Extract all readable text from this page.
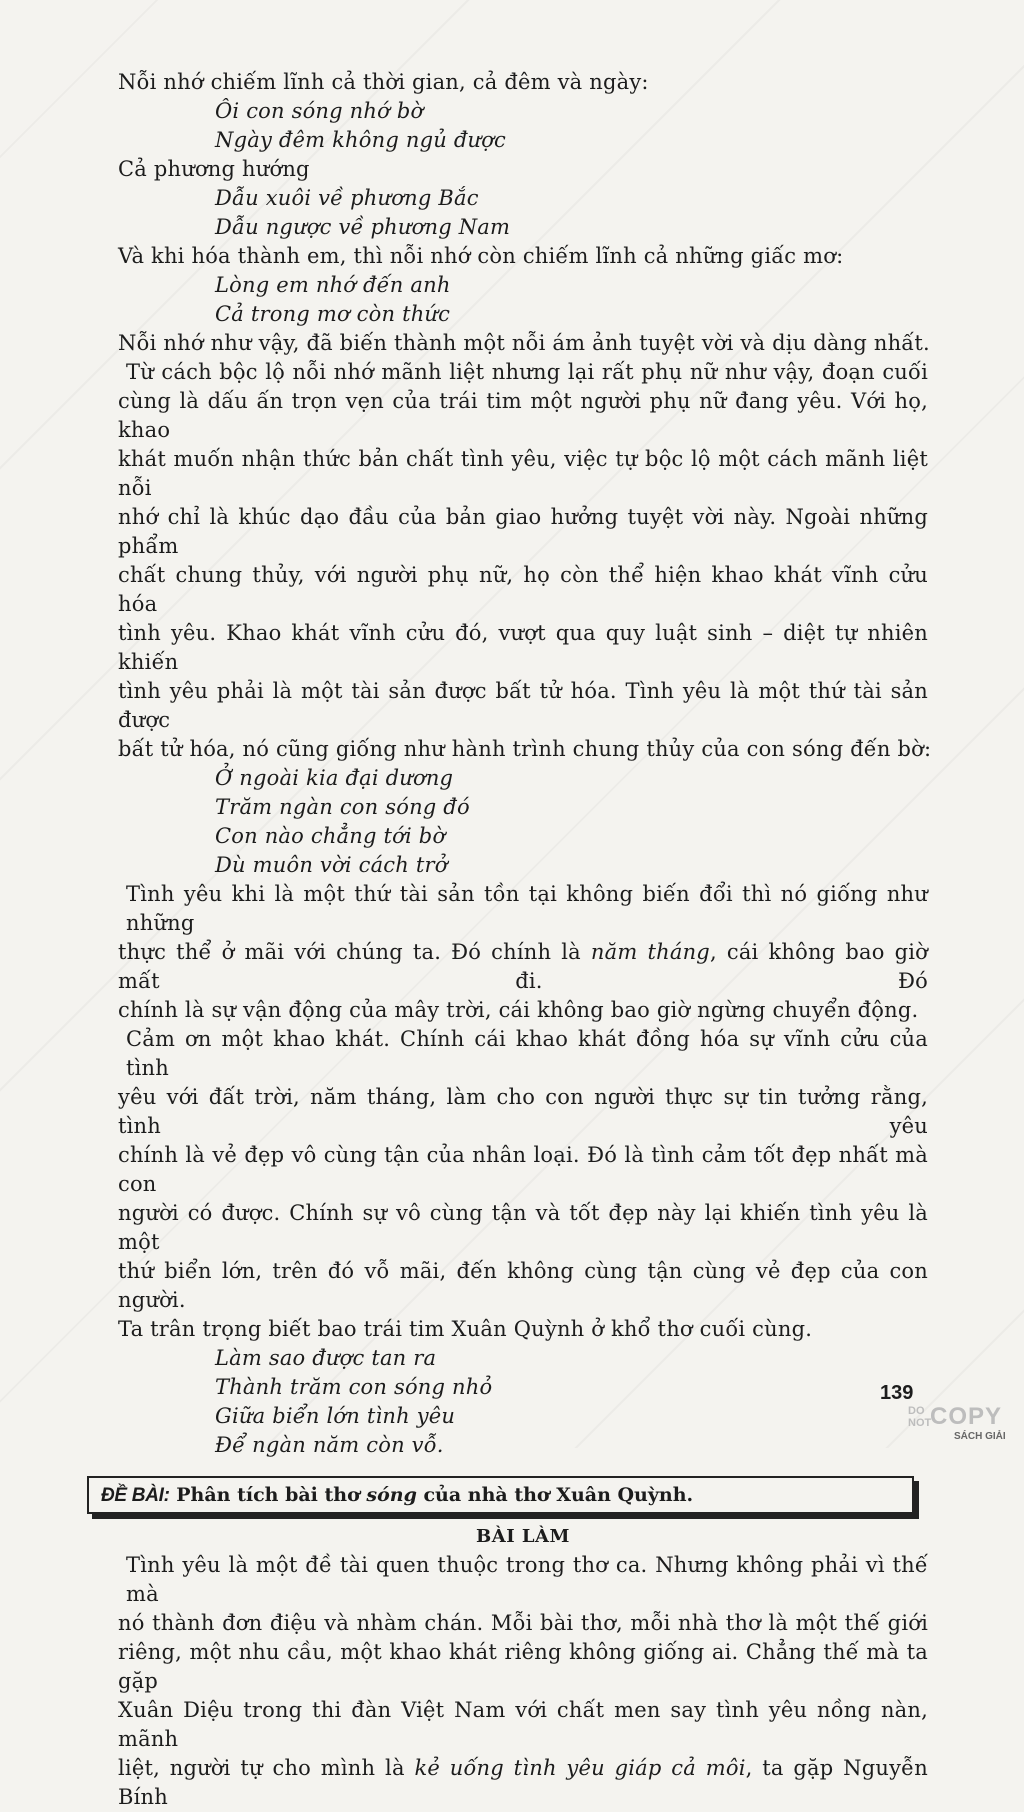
Nỗi nhớ chiếm lĩnh cả thời gian, cả đêm và ngày:

Ôi con sóng nhớ bờ

Ngày đêm không ngủ được

Cả phương hướng

Dẫu xuôi về phương Bắc

Dẫu ngược về phương Nam

Và khi hóa thành em, thì nỗi nhớ còn chiếm lĩnh cả những giấc mơ:

Lòng em nhớ đến anh

Cả trong mơ còn thức

Nỗi nhớ như vậy, đã biến thành một nỗi ám ảnh tuyệt vời và dịu dàng nhất.

Từ cách bộc lộ nỗi nhớ mãnh liệt nhưng lại rất phụ nữ như vậy, đoạn cuối

cùng là dấu ấn trọn vẹn của trái tim một người phụ nữ đang yêu. Với họ, khao

khát muốn nhận thức bản chất tình yêu, việc tự bộc lộ một cách mãnh liệt nỗi

nhớ chỉ là khúc dạo đầu của bản giao hưởng tuyệt vời này. Ngoài những phẩm

chất chung thủy, với người phụ nữ, họ còn thể hiện khao khát vĩnh cửu hóa

tình yêu. Khao khát vĩnh cửu đó, vượt qua quy luật sinh – diệt tự nhiên khiến

tình yêu phải là một tài sản được bất tử hóa. Tình yêu là một thứ tài sản được

bất tử hóa, nó cũng giống như hành trình chung thủy của con sóng đến bờ:

Ở ngoài kia đại dương

Trăm ngàn con sóng đó

Con nào chẳng tới bờ

Dù muôn vời cách trở

Tình yêu khi là một thứ tài sản tồn tại không biến đổi thì nó giống như những

thực thể ở mãi với chúng ta. Đó chính là năm tháng, cái không bao giờ mất đi. Đó

chính là sự vận động của mây trời, cái không bao giờ ngừng chuyển động.

Cảm ơn một khao khát. Chính cái khao khát đồng hóa sự vĩnh cửu của tình

yêu với đất trời, năm tháng, làm cho con người thực sự tin tưởng rằng, tình yêu

chính là vẻ đẹp vô cùng tận của nhân loại. Đó là tình cảm tốt đẹp nhất mà con

người có được. Chính sự vô cùng tận và tốt đẹp này lại khiến tình yêu là một

thứ biển lớn, trên đó vỗ mãi, đến không cùng tận cùng vẻ đẹp của con người.

Ta trân trọng biết bao trái tim Xuân Quỳnh ở khổ thơ cuối cùng.

Làm sao được tan ra

Thành trăm con sóng nhỏ

Giữa biển lớn tình yêu

Để ngàn năm còn vỗ.

ĐỀ BÀI: Phân tích bài thơ sóng của nhà thơ Xuân Quỳnh.
BÀI LÀM

Tình yêu là một đề tài quen thuộc trong thơ ca. Nhưng không phải vì thế mà

nó thành đơn điệu và nhàm chán. Mỗi bài thơ, mỗi nhà thơ là một thế giới

riêng, một nhu cầu, một khao khát riêng không giống ai. Chẳng thế mà ta gặp

Xuân Diệu trong thi đàn Việt Nam với chất men say tình yêu nồng nàn, mãnh

liệt, người tự cho mình là kẻ uống tình yêu giáp cả môi, ta gặp Nguyễn Bính

139
DO
NOT
COPY
SÁCH GIẢI
